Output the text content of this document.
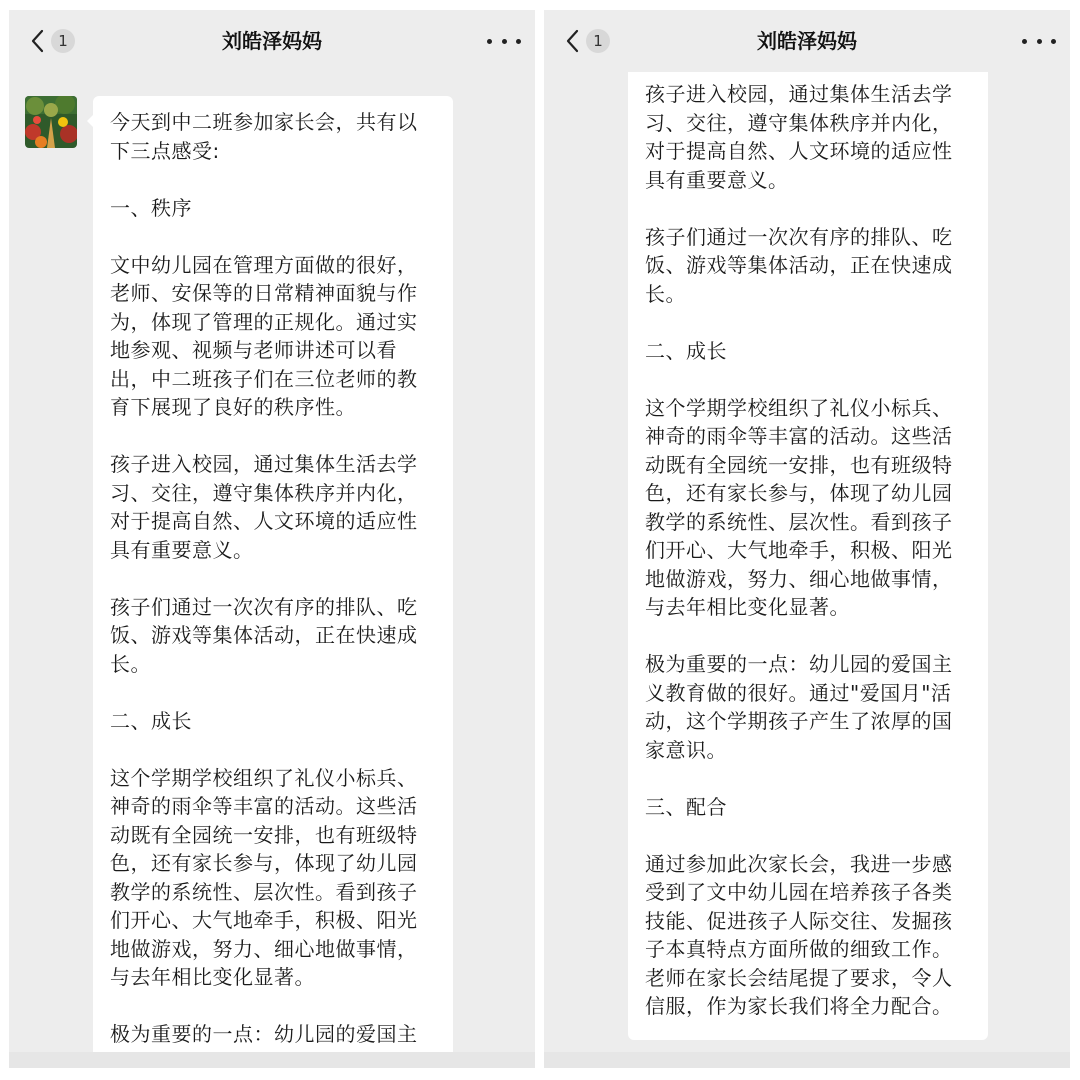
1	刘皓泽妈妈

今天到中二班参加家长会，共有以

下三点感受:

一、秩序

文中幼儿园在管理方面做的很好，

老师、安保等的日常精神面貌与作

为，体现了管理的正规化。通过实

地参观、视频与老师讲述可以看

出，中二班孩子们在三位老师的教

育下展现了良好的秩序性。

孩子进入校园，通过集体生活去学

习、交往，遵守集体秩序并内化，

对于提高自然、人文环境的适应性

具有重要意义。

孩子们通过一次次有序的排队、吃

饭、游戏等集体活动，正在快速成

长。

二、成长

这个学期学校组织了礼仪小标兵、

神奇的雨伞等丰富的活动。这些活

动既有全园统一安排，也有班级特

色，还有家长参与，体现了幼儿园

教学的系统性、层次性。看到孩子

们开心、大气地牵手，积极、阳光

地做游戏，努力、细心地做事情，

与去年相比变化显著。

极为重要的一点：幼儿园的爱国主

1	刘皓泽妈妈

孩子进入校园，通过集体生活去学

习、交往，遵守集体秩序并内化，

对于提高自然、人文环境的适应性

具有重要意义。

孩子们通过一次次有序的排队、吃

饭、游戏等集体活动，正在快速成

长。

二、成长

这个学期学校组织了礼仪小标兵、

神奇的雨伞等丰富的活动。这些活

动既有全园统一安排，也有班级特

色，还有家长参与，体现了幼儿园

教学的系统性、层次性。看到孩子

们开心、大气地牵手，积极、阳光

地做游戏，努力、细心地做事情，

与去年相比变化显著。

极为重要的一点：幼儿园的爱国主

义教育做的很好。通过"爱国月"活

动，这个学期孩子产生了浓厚的国

家意识。

三、配合

通过参加此次家长会，我进一步感

受到了文中幼儿园在培养孩子各类

技能、促进孩子人际交往、发掘孩

子本真特点方面所做的细致工作。

老师在家长会结尾提了要求，令人

信服，作为家长我们将全力配合。
